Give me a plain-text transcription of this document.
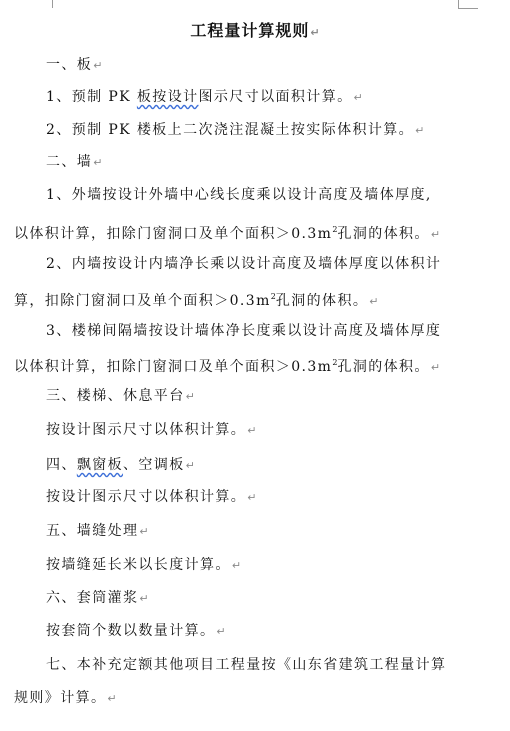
工程量计算规则↵
一、板↵
1、预制 PK 板按设计图示尺寸以面积计算。↵
2、预制 PK 楼板上二次浇注混凝土按实际体积计算。↵
二、墙↵
1、外墙按设计外墙中心线长度乘以设计高度及墙体厚度,
以体积计算，扣除门窗洞口及单个面积$>0.3m^2$孔洞的体积。↵
2、内墙按设计内墙净长乘以设计高度及墙体厚度以体积计
算，扣除门窗洞口及单个面积$>0.3m^2$孔洞的体积。↵
3、楼梯间隔墙按设计墙体净长度乘以设计高度及墙体厚度
以体积计算，扣除门窗洞口及单个面积$>0.3m^2$孔洞的体积。↵
三、楼梯、休息平台↵
按设计图示尺寸以体积计算。↵
四、飘窗板、空调板↵
按设计图示尺寸以体积计算。↵
五、墙缝处理↵
按墙缝延长米以长度计算。↵
六、套筒灌浆↵
按套筒个数以数量计算。↵
七、本补充定额其他项目工程量按《山东省建筑工程量计算
规则》计算。↵
